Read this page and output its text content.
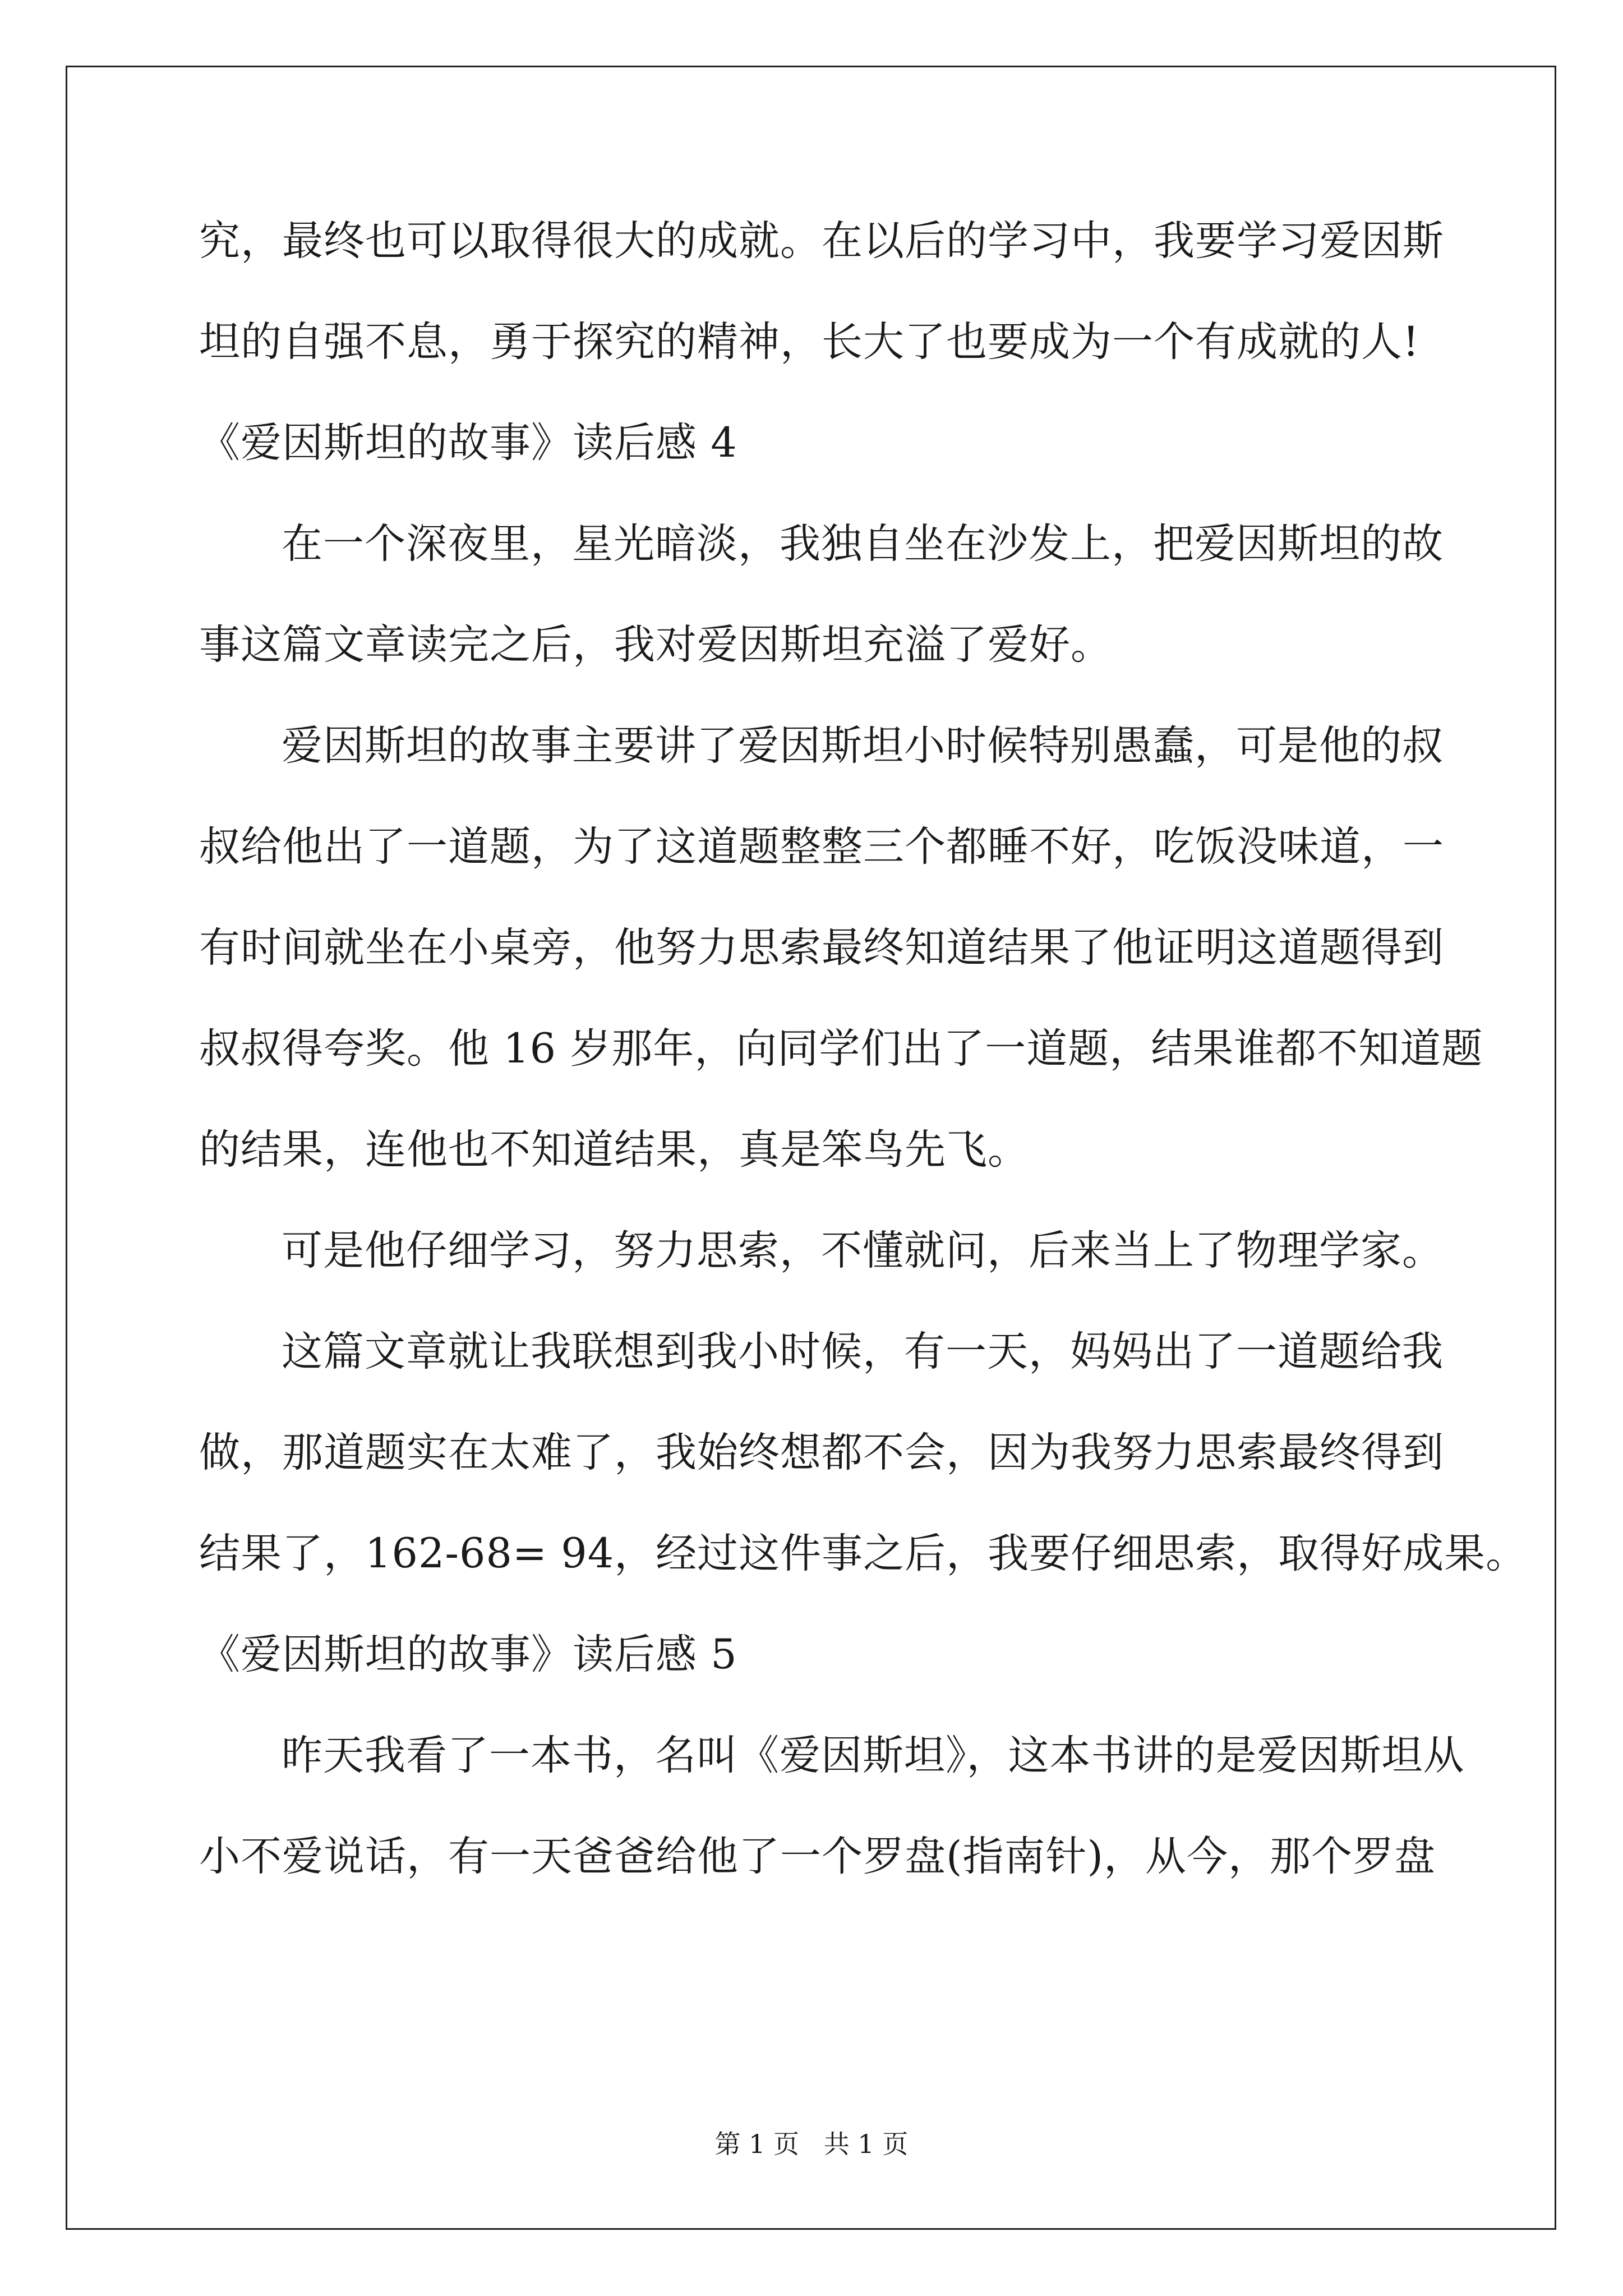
究，最终也可以取得很大的成就。在以后的学习中，我要学习爱因斯
坦的自强不息，勇于探究的精神，长大了也要成为一个有成就的人!
《爱因斯坦的故事》读后感 4
在一个深夜里，星光暗淡，我独自坐在沙发上，把爱因斯坦的故
事这篇文章读完之后，我对爱因斯坦充溢了爱好。
爱因斯坦的故事主要讲了爱因斯坦小时候特别愚蠢，可是他的叔
叔给他出了一道题，为了这道题整整三个都睡不好，吃饭没味道，一
有时间就坐在小桌旁，他努力思索最终知道结果了他证明这道题得到
叔叔得夸奖。他 16 岁那年，向同学们出了一道题，结果谁都不知道题
的结果，连他也不知道结果，真是笨鸟先飞。
可是他仔细学习，努力思索，不懂就问，后来当上了物理学家。
这篇文章就让我联想到我小时候，有一天，妈妈出了一道题给我
做，那道题实在太难了，我始终想都不会，因为我努力思索最终得到
结果了，162-68= 94，经过这件事之后，我要仔细思索，取得好成果。
《爱因斯坦的故事》读后感 5
昨天我看了一本书，名叫《爱因斯坦》，这本书讲的是爱因斯坦从
小不爱说话，有一天爸爸给他了一个罗盘(指南针)，从今，那个罗盘
第 1 页   共 1 页
